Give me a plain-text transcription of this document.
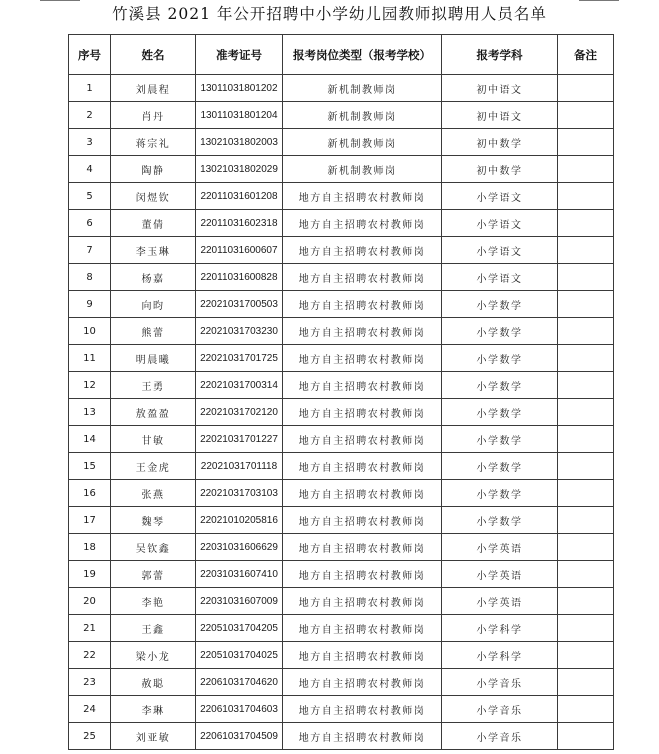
竹溪县 2021 年公开招聘中小学幼儿园教师拟聘用人员名单
序号	姓名	准考证号	报考岗位类型（报考学校）	报考学科	备注
1	刘晨程	13011031801202	新机制教师岗	初中语文	
2	肖丹	13011031801204	新机制教师岗	初中语文	
3	蒋宗礼	13021031802003	新机制教师岗	初中数学	
4	陶静	13021031802029	新机制教师岗	初中数学	
5	闵煜钦	22011031601208	地方自主招聘农村教师岗	小学语文	
6	董倩	22011031602318	地方自主招聘农村教师岗	小学语文	
7	李玉琳	22011031600607	地方自主招聘农村教师岗	小学语文	
8	杨嘉	22011031600828	地方自主招聘农村教师岗	小学语文	
9	向昀	22021031700503	地方自主招聘农村教师岗	小学数学	
10	熊蕾	22021031703230	地方自主招聘农村教师岗	小学数学	
11	明晨曦	22021031701725	地方自主招聘农村教师岗	小学数学	
12	王勇	22021031700314	地方自主招聘农村教师岗	小学数学	
13	敖盈盈	22021031702120	地方自主招聘农村教师岗	小学数学	
14	甘敏	22021031701227	地方自主招聘农村教师岗	小学数学	
15	王金虎	22021031701118	地方自主招聘农村教师岗	小学数学	
16	张燕	22021031703103	地方自主招聘农村教师岗	小学数学	
17	魏琴	22021010205816	地方自主招聘农村教师岗	小学数学	
18	吴钦鑫	22031031606629	地方自主招聘农村教师岗	小学英语	
19	郭蕾	22031031607410	地方自主招聘农村教师岗	小学英语	
20	李艳	22031031607009	地方自主招聘农村教师岗	小学英语	
21	王鑫	22051031704205	地方自主招聘农村教师岗	小学科学	
22	梁小龙	22051031704025	地方自主招聘农村教师岗	小学科学	
23	赦聪	22061031704620	地方自主招聘农村教师岗	小学音乐	
24	李琳	22061031704603	地方自主招聘农村教师岗	小学音乐	
25	刘亚敏	22061031704509	地方自主招聘农村教师岗	小学音乐	
